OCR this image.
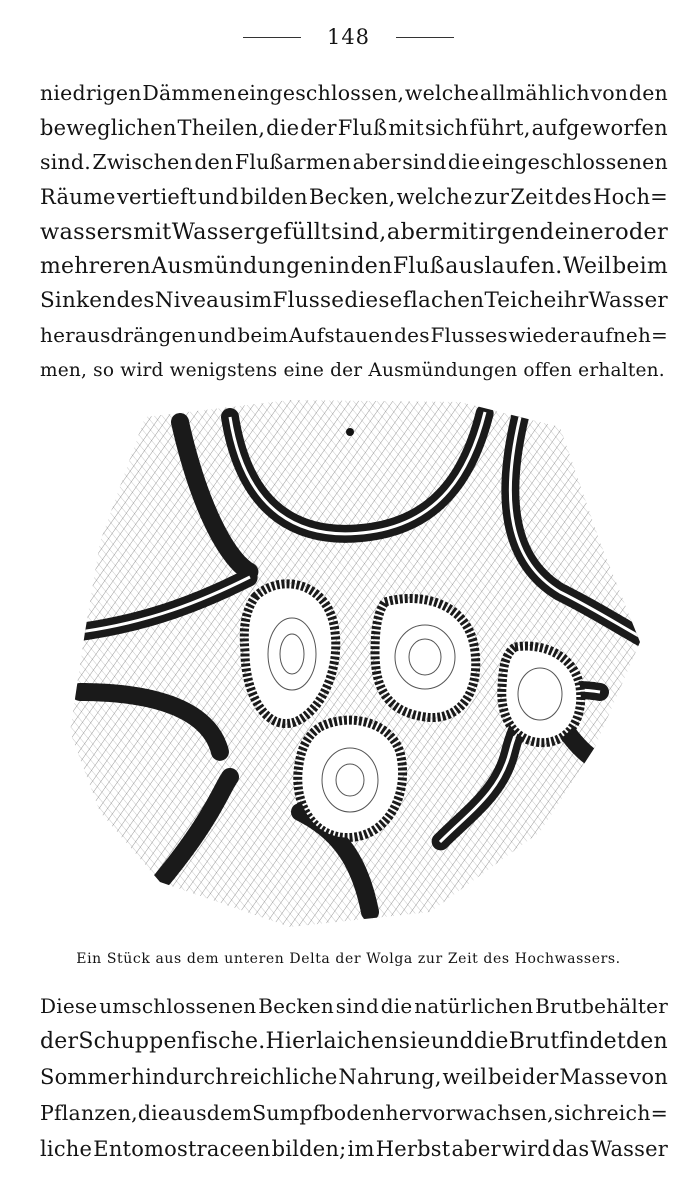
148
niedrigen Dämmen eingeschlossen, welche allmählich von den
beweglichen Theilen, die der Fluß mit sich führt, aufgeworfen
sind. Zwischen den Flußarmen aber sind die eingeschlossenen
Räume vertieft und bilden Becken, welche zur Zeit des Hoch=
wassers mit Wasser gefüllt sind, aber mit irgend einer oder
mehreren Ausmündungen in den Fluß auslaufen. Weil beim
Sinken des Niveaus im Flusse diese flachen Teiche ihr Wasser
herausdrängen und beim Aufstauen des Flusses wieder aufneh=
men, so wird wenigstens eine der Ausmündungen offen erhalten.
Ein Stück aus dem unteren Delta der Wolga zur Zeit des Hochwassers.
Diese umschlossenen Becken sind die natürlichen Brutbehälter
der Schuppenfische. Hier laichen sie und die Brut findet den
Sommer hindurch reichliche Nahrung, weil bei der Masse von
Pflanzen, die aus dem Sumpfboden hervorwachsen, sich reich=
liche Entomostraceen bilden; im Herbst aber wird das Wasser
